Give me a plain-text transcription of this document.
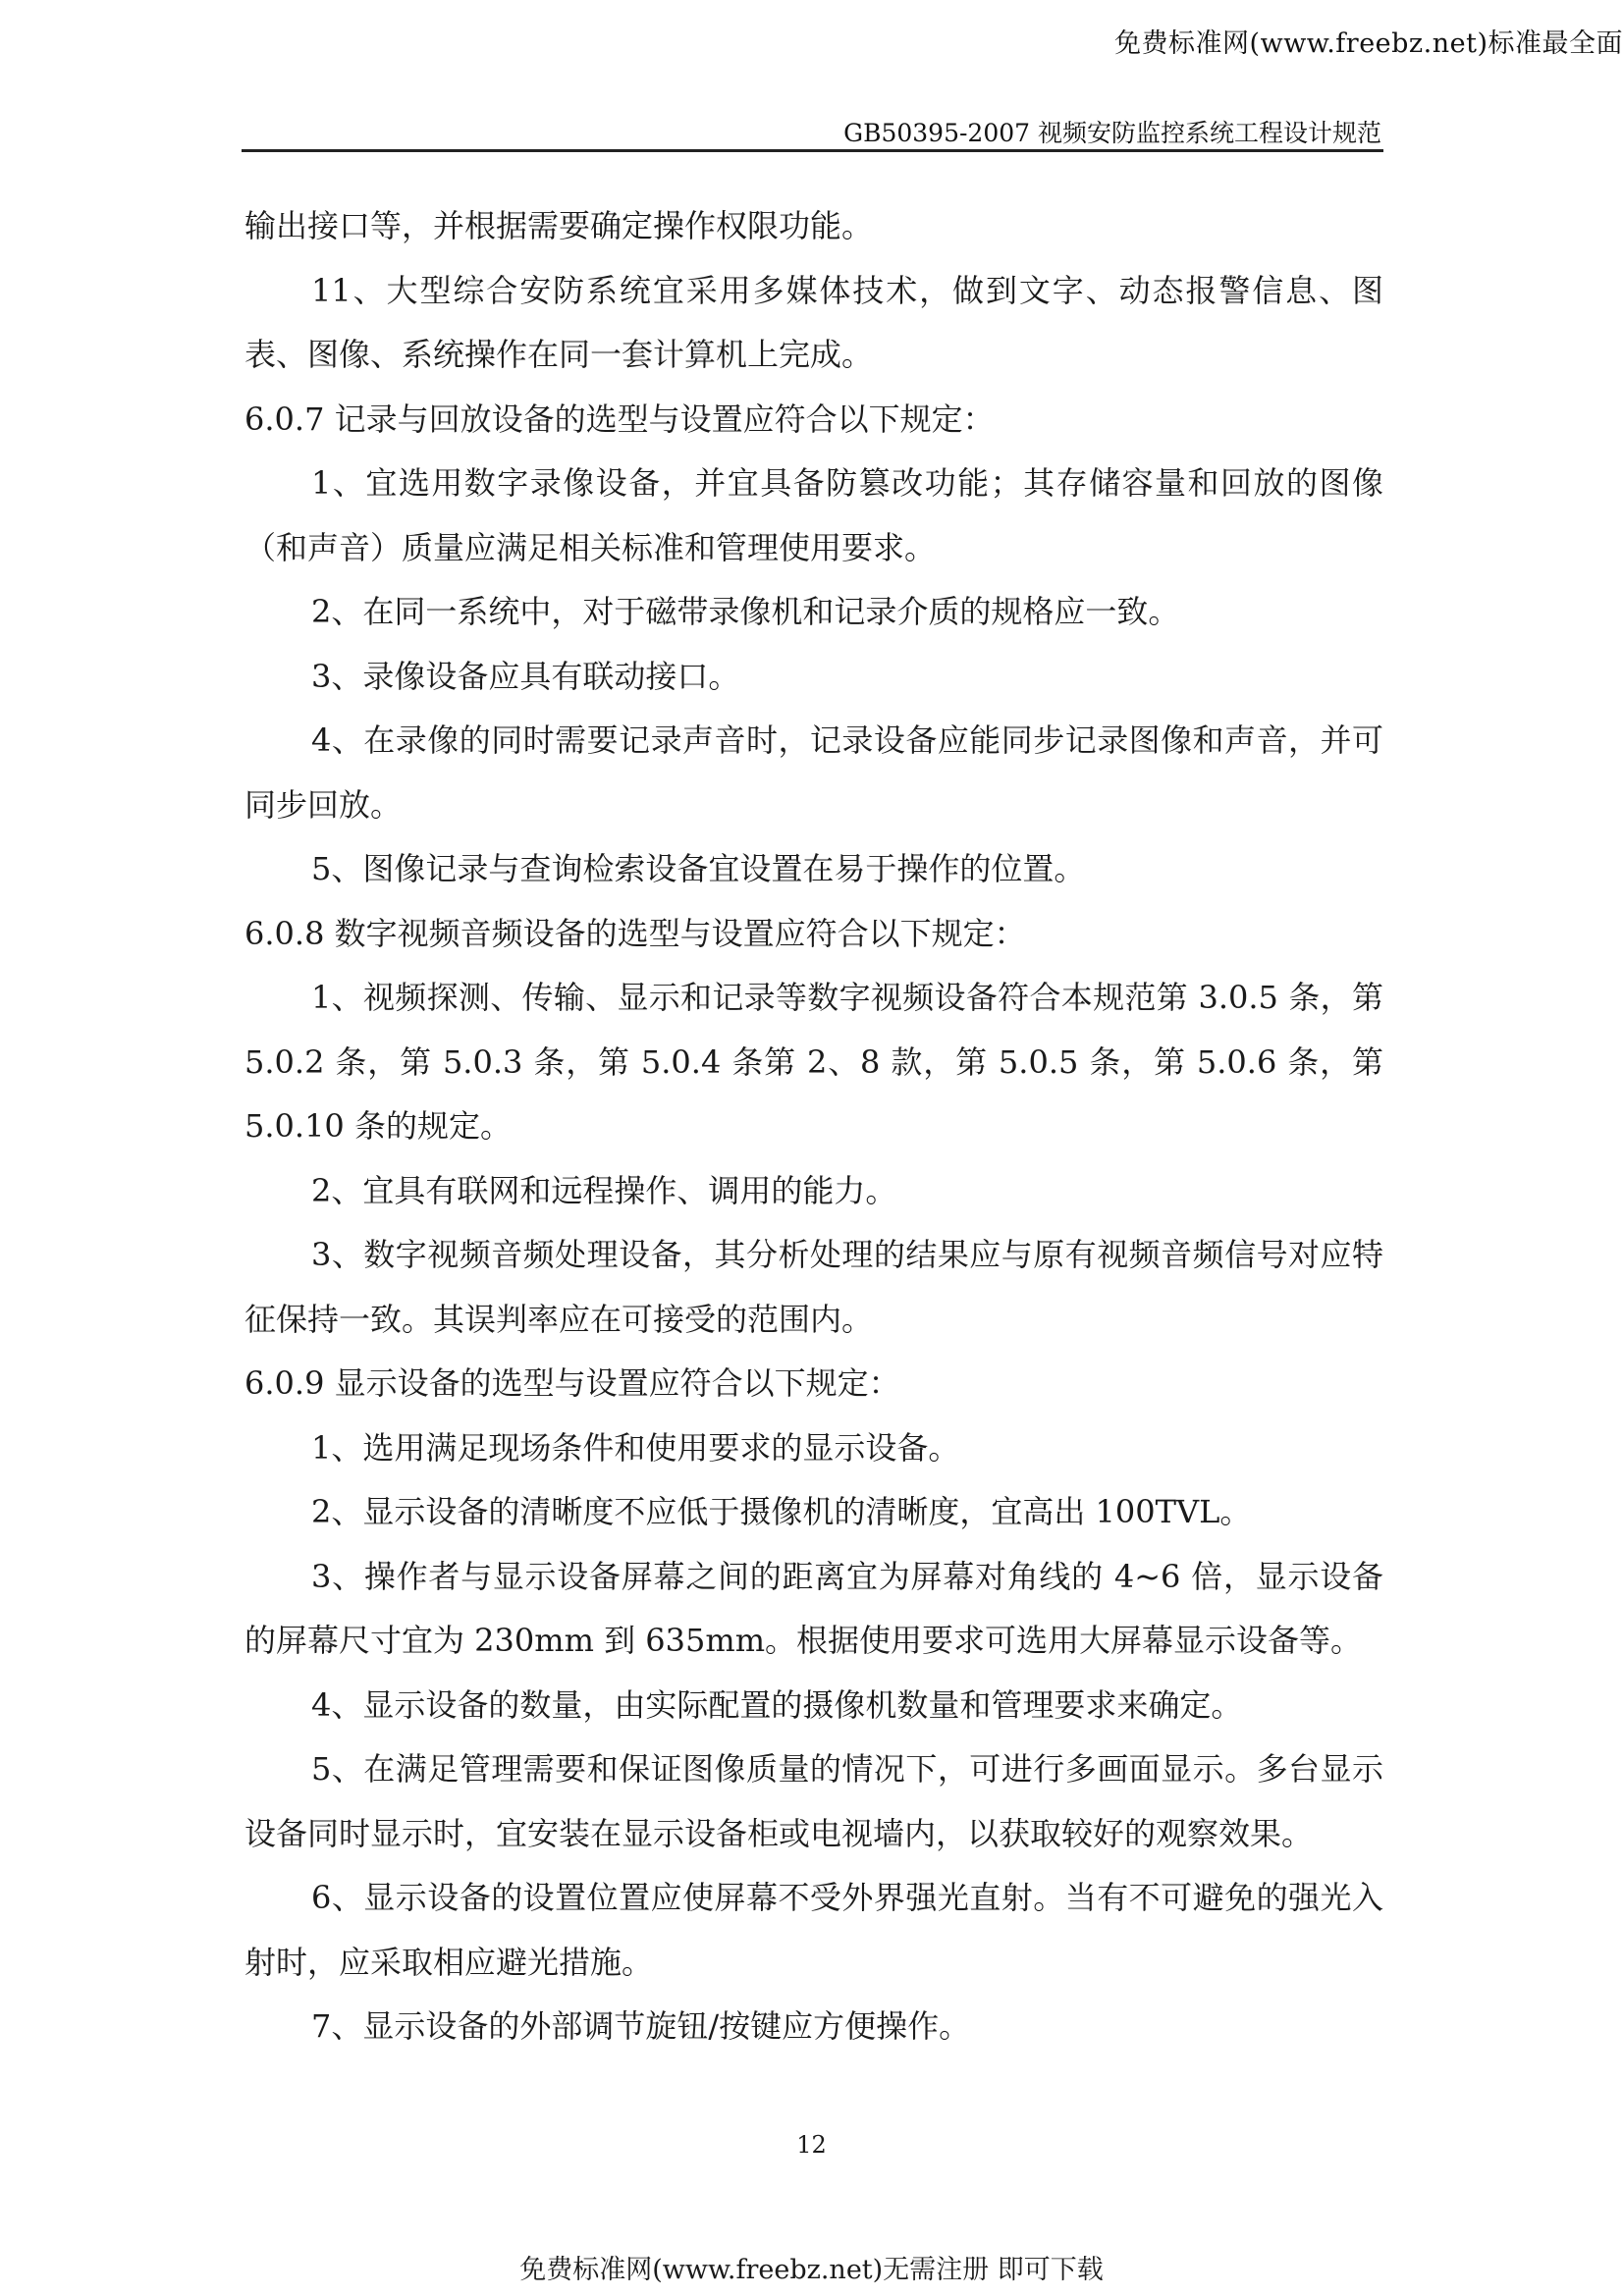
免费标准网(www.freebz.net)标准最全面
GB50395-2007 视频安防监控系统工程设计规范

输出接口等，并根据需要确定操作权限功能。

11、大型综合安防系统宜采用多媒体技术，做到文字、动态报警信息、图表、图像、系统操作在同一套计算机上完成。

6.0.7 记录与回放设备的选型与设置应符合以下规定：

1、宜选用数字录像设备，并宜具备防篡改功能；其存储容量和回放的图像（和声音）质量应满足相关标准和管理使用要求。

2、在同一系统中，对于磁带录像机和记录介质的规格应一致。

3、录像设备应具有联动接口。

4、在录像的同时需要记录声音时，记录设备应能同步记录图像和声音，并可同步回放。

5、图像记录与查询检索设备宜设置在易于操作的位置。

6.0.8 数字视频音频设备的选型与设置应符合以下规定：

1、视频探测、传输、显示和记录等数字视频设备符合本规范第 3.0.5 条，第 5.0.2 条，第 5.0.3 条，第 5.0.4 条第 2、8 款，第 5.0.5 条，第 5.0.6 条，第 5.0.10 条的规定。

2、宜具有联网和远程操作、调用的能力。

3、数字视频音频处理设备，其分析处理的结果应与原有视频音频信号对应特征保持一致。其误判率应在可接受的范围内。

6.0.9 显示设备的选型与设置应符合以下规定：

1、选用满足现场条件和使用要求的显示设备。

2、显示设备的清晰度不应低于摄像机的清晰度，宜高出 100TVL。

3、操作者与显示设备屏幕之间的距离宜为屏幕对角线的 4~6 倍，显示设备的屏幕尺寸宜为 230mm 到 635mm。根据使用要求可选用大屏幕显示设备等。

4、显示设备的数量，由实际配置的摄像机数量和管理要求来确定。

5、在满足管理需要和保证图像质量的情况下，可进行多画面显示。多台显示设备同时显示时，宜安装在显示设备柜或电视墙内，以获取较好的观察效果。

6、显示设备的设置位置应使屏幕不受外界强光直射。当有不可避免的强光入射时，应采取相应避光措施。

7、显示设备的外部调节旋钮/按键应方便操作。

12
免费标准网(www.freebz.net)无需注册 即可下载
